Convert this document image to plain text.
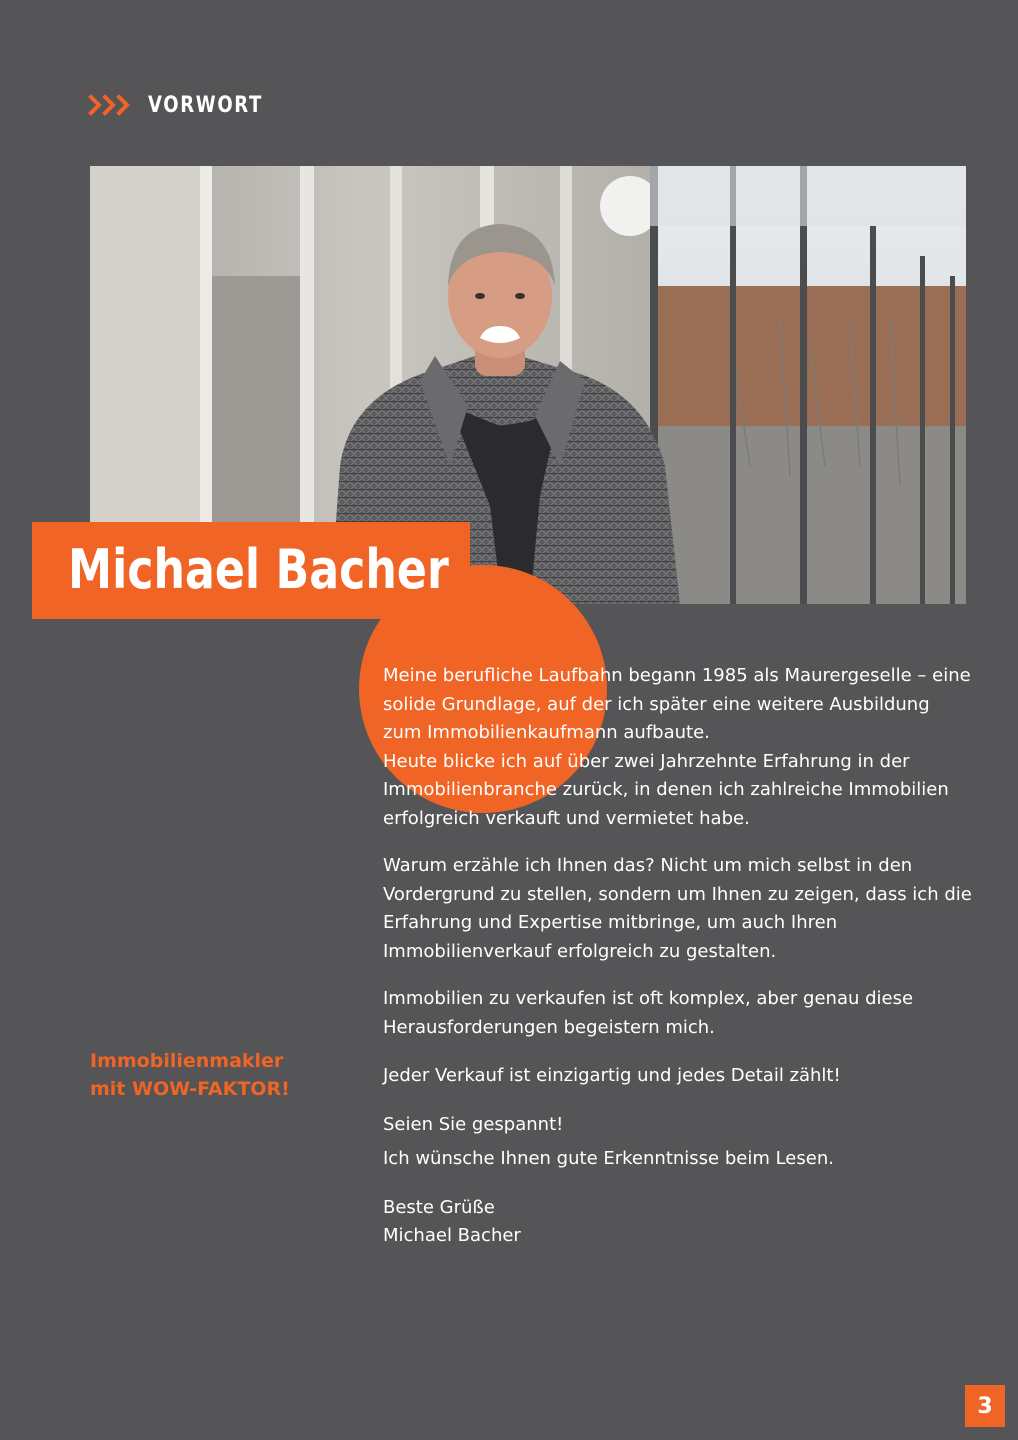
VORWORT
Michael Bacher
Immobilienmakler
mit WOW-FAKTOR!

Meine berufliche Laufbahn begann 1985 als Maurergeselle – eine solide Grundlage, auf der ich später eine weitere Ausbildung zum Immobilienkaufmann aufbaute.

Heute blicke ich auf über zwei Jahrzehnte Erfahrung in der Immobilienbranche zurück, in denen ich zahlreiche Immobilien erfolgreich verkauft und vermietet habe.

Warum erzähle ich Ihnen das? Nicht um mich selbst in den Vordergrund zu stellen, sondern um Ihnen zu zeigen, dass ich die Erfahrung und Expertise mitbringe, um auch Ihren Immobilienverkauf erfolgreich zu gestalten.

Immobilien zu verkaufen ist oft komplex, aber genau diese Herausforderungen begeistern mich.

Jeder Verkauf ist einzigartig und jedes Detail zählt!

Seien Sie gespannt!

Ich wünsche Ihnen gute Erkenntnisse beim Lesen.

Beste Grüße

Michael Bacher

3
